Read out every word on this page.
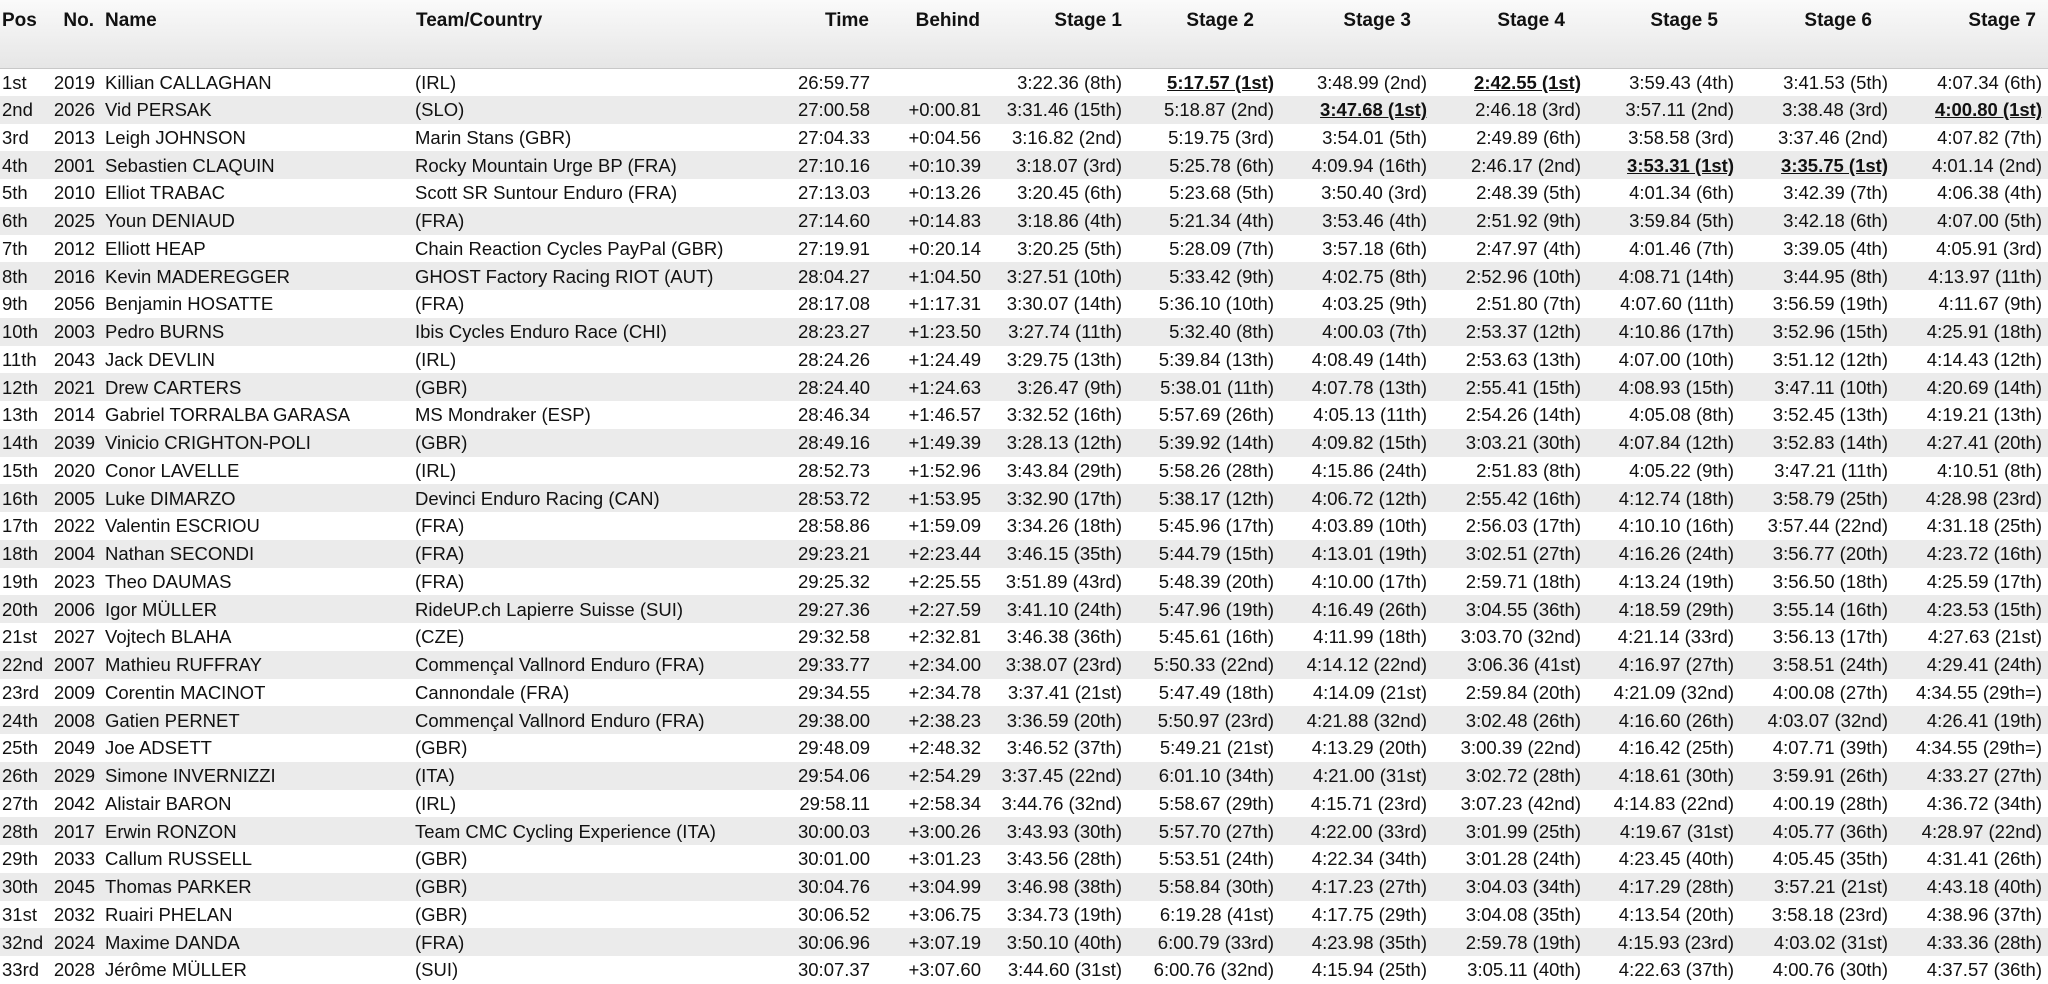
Pos	No.	Name	Team/Country	Time	Behind	Stage 1	Stage 2	Stage 3	Stage 4	Stage 5	Stage 6	Stage 7
1st	2019	Killian CALLAGHAN	(IRL)	26:59.77		3:22.36 (8th)	5:17.57 (1st)	3:48.99 (2nd)	2:42.55 (1st)	3:59.43 (4th)	3:41.53 (5th)	4:07.34 (6th)
2nd	2026	Vid PERSAK	(SLO)	27:00.58	+0:00.81	3:31.46 (15th)	5:18.87 (2nd)	3:47.68 (1st)	2:46.18 (3rd)	3:57.11 (2nd)	3:38.48 (3rd)	4:00.80 (1st)
3rd	2013	Leigh JOHNSON	Marin Stans (GBR)	27:04.33	+0:04.56	3:16.82 (2nd)	5:19.75 (3rd)	3:54.01 (5th)	2:49.89 (6th)	3:58.58 (3rd)	3:37.46 (2nd)	4:07.82 (7th)
4th	2001	Sebastien CLAQUIN	Rocky Mountain Urge BP (FRA)	27:10.16	+0:10.39	3:18.07 (3rd)	5:25.78 (6th)	4:09.94 (16th)	2:46.17 (2nd)	3:53.31 (1st)	3:35.75 (1st)	4:01.14 (2nd)
5th	2010	Elliot TRABAC	Scott SR Suntour Enduro (FRA)	27:13.03	+0:13.26	3:20.45 (6th)	5:23.68 (5th)	3:50.40 (3rd)	2:48.39 (5th)	4:01.34 (6th)	3:42.39 (7th)	4:06.38 (4th)
6th	2025	Youn DENIAUD	(FRA)	27:14.60	+0:14.83	3:18.86 (4th)	5:21.34 (4th)	3:53.46 (4th)	2:51.92 (9th)	3:59.84 (5th)	3:42.18 (6th)	4:07.00 (5th)
7th	2012	Elliott HEAP	Chain Reaction Cycles PayPal (GBR)	27:19.91	+0:20.14	3:20.25 (5th)	5:28.09 (7th)	3:57.18 (6th)	2:47.97 (4th)	4:01.46 (7th)	3:39.05 (4th)	4:05.91 (3rd)
8th	2016	Kevin MADEREGGER	GHOST Factory Racing RIOT (AUT)	28:04.27	+1:04.50	3:27.51 (10th)	5:33.42 (9th)	4:02.75 (8th)	2:52.96 (10th)	4:08.71 (14th)	3:44.95 (8th)	4:13.97 (11th)
9th	2056	Benjamin HOSATTE	(FRA)	28:17.08	+1:17.31	3:30.07 (14th)	5:36.10 (10th)	4:03.25 (9th)	2:51.80 (7th)	4:07.60 (11th)	3:56.59 (19th)	4:11.67 (9th)
10th	2003	Pedro BURNS	Ibis Cycles Enduro Race (CHI)	28:23.27	+1:23.50	3:27.74 (11th)	5:32.40 (8th)	4:00.03 (7th)	2:53.37 (12th)	4:10.86 (17th)	3:52.96 (15th)	4:25.91 (18th)
11th	2043	Jack DEVLIN	(IRL)	28:24.26	+1:24.49	3:29.75 (13th)	5:39.84 (13th)	4:08.49 (14th)	2:53.63 (13th)	4:07.00 (10th)	3:51.12 (12th)	4:14.43 (12th)
12th	2021	Drew CARTERS	(GBR)	28:24.40	+1:24.63	3:26.47 (9th)	5:38.01 (11th)	4:07.78 (13th)	2:55.41 (15th)	4:08.93 (15th)	3:47.11 (10th)	4:20.69 (14th)
13th	2014	Gabriel TORRALBA GARASA	MS Mondraker (ESP)	28:46.34	+1:46.57	3:32.52 (16th)	5:57.69 (26th)	4:05.13 (11th)	2:54.26 (14th)	4:05.08 (8th)	3:52.45 (13th)	4:19.21 (13th)
14th	2039	Vinicio CRIGHTON-POLI	(GBR)	28:49.16	+1:49.39	3:28.13 (12th)	5:39.92 (14th)	4:09.82 (15th)	3:03.21 (30th)	4:07.84 (12th)	3:52.83 (14th)	4:27.41 (20th)
15th	2020	Conor LAVELLE	(IRL)	28:52.73	+1:52.96	3:43.84 (29th)	5:58.26 (28th)	4:15.86 (24th)	2:51.83 (8th)	4:05.22 (9th)	3:47.21 (11th)	4:10.51 (8th)
16th	2005	Luke DIMARZO	Devinci Enduro Racing (CAN)	28:53.72	+1:53.95	3:32.90 (17th)	5:38.17 (12th)	4:06.72 (12th)	2:55.42 (16th)	4:12.74 (18th)	3:58.79 (25th)	4:28.98 (23rd)
17th	2022	Valentin ESCRIOU	(FRA)	28:58.86	+1:59.09	3:34.26 (18th)	5:45.96 (17th)	4:03.89 (10th)	2:56.03 (17th)	4:10.10 (16th)	3:57.44 (22nd)	4:31.18 (25th)
18th	2004	Nathan SECONDI	(FRA)	29:23.21	+2:23.44	3:46.15 (35th)	5:44.79 (15th)	4:13.01 (19th)	3:02.51 (27th)	4:16.26 (24th)	3:56.77 (20th)	4:23.72 (16th)
19th	2023	Theo DAUMAS	(FRA)	29:25.32	+2:25.55	3:51.89 (43rd)	5:48.39 (20th)	4:10.00 (17th)	2:59.71 (18th)	4:13.24 (19th)	3:56.50 (18th)	4:25.59 (17th)
20th	2006	Igor MÜLLER	RideUP.ch Lapierre Suisse (SUI)	29:27.36	+2:27.59	3:41.10 (24th)	5:47.96 (19th)	4:16.49 (26th)	3:04.55 (36th)	4:18.59 (29th)	3:55.14 (16th)	4:23.53 (15th)
21st	2027	Vojtech BLAHA	(CZE)	29:32.58	+2:32.81	3:46.38 (36th)	5:45.61 (16th)	4:11.99 (18th)	3:03.70 (32nd)	4:21.14 (33rd)	3:56.13 (17th)	4:27.63 (21st)
22nd	2007	Mathieu RUFFRAY	Commençal Vallnord Enduro (FRA)	29:33.77	+2:34.00	3:38.07 (23rd)	5:50.33 (22nd)	4:14.12 (22nd)	3:06.36 (41st)	4:16.97 (27th)	3:58.51 (24th)	4:29.41 (24th)
23rd	2009	Corentin MACINOT	Cannondale (FRA)	29:34.55	+2:34.78	3:37.41 (21st)	5:47.49 (18th)	4:14.09 (21st)	2:59.84 (20th)	4:21.09 (32nd)	4:00.08 (27th)	4:34.55 (29th=)
24th	2008	Gatien PERNET	Commençal Vallnord Enduro (FRA)	29:38.00	+2:38.23	3:36.59 (20th)	5:50.97 (23rd)	4:21.88 (32nd)	3:02.48 (26th)	4:16.60 (26th)	4:03.07 (32nd)	4:26.41 (19th)
25th	2049	Joe ADSETT	(GBR)	29:48.09	+2:48.32	3:46.52 (37th)	5:49.21 (21st)	4:13.29 (20th)	3:00.39 (22nd)	4:16.42 (25th)	4:07.71 (39th)	4:34.55 (29th=)
26th	2029	Simone INVERNIZZI	(ITA)	29:54.06	+2:54.29	3:37.45 (22nd)	6:01.10 (34th)	4:21.00 (31st)	3:02.72 (28th)	4:18.61 (30th)	3:59.91 (26th)	4:33.27 (27th)
27th	2042	Alistair BARON	(IRL)	29:58.11	+2:58.34	3:44.76 (32nd)	5:58.67 (29th)	4:15.71 (23rd)	3:07.23 (42nd)	4:14.83 (22nd)	4:00.19 (28th)	4:36.72 (34th)
28th	2017	Erwin RONZON	Team CMC Cycling Experience (ITA)	30:00.03	+3:00.26	3:43.93 (30th)	5:57.70 (27th)	4:22.00 (33rd)	3:01.99 (25th)	4:19.67 (31st)	4:05.77 (36th)	4:28.97 (22nd)
29th	2033	Callum RUSSELL	(GBR)	30:01.00	+3:01.23	3:43.56 (28th)	5:53.51 (24th)	4:22.34 (34th)	3:01.28 (24th)	4:23.45 (40th)	4:05.45 (35th)	4:31.41 (26th)
30th	2045	Thomas PARKER	(GBR)	30:04.76	+3:04.99	3:46.98 (38th)	5:58.84 (30th)	4:17.23 (27th)	3:04.03 (34th)	4:17.29 (28th)	3:57.21 (21st)	4:43.18 (40th)
31st	2032	Ruairi PHELAN	(GBR)	30:06.52	+3:06.75	3:34.73 (19th)	6:19.28 (41st)	4:17.75 (29th)	3:04.08 (35th)	4:13.54 (20th)	3:58.18 (23rd)	4:38.96 (37th)
32nd	2024	Maxime DANDA	(FRA)	30:06.96	+3:07.19	3:50.10 (40th)	6:00.79 (33rd)	4:23.98 (35th)	2:59.78 (19th)	4:15.93 (23rd)	4:03.02 (31st)	4:33.36 (28th)
33rd	2028	Jérôme MÜLLER	(SUI)	30:07.37	+3:07.60	3:44.60 (31st)	6:00.76 (32nd)	4:15.94 (25th)	3:05.11 (40th)	4:22.63 (37th)	4:00.76 (30th)	4:37.57 (36th)
